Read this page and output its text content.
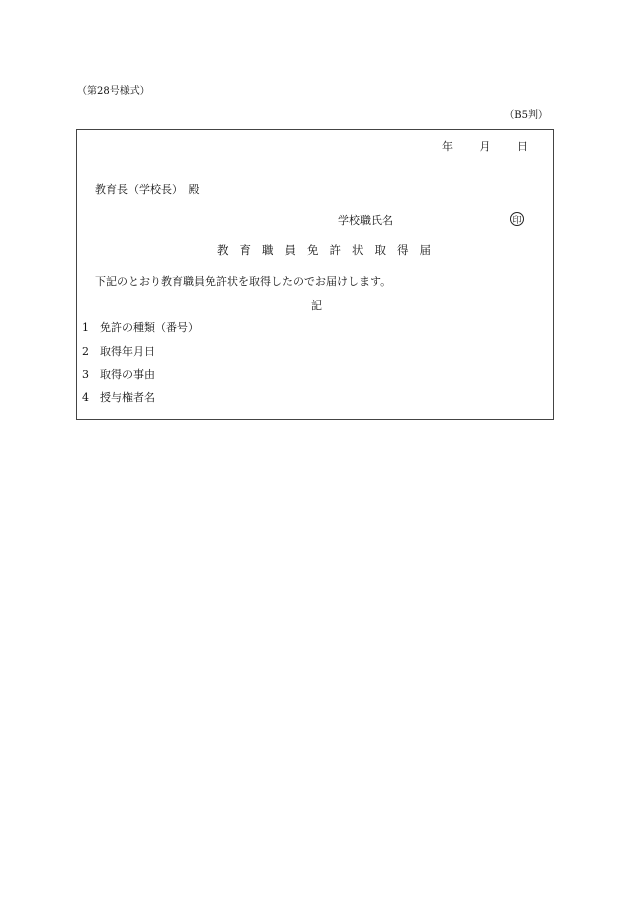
（第28号様式）
（B5判）
年 月 日
教育長（学校長）　殿
学校職氏名	印
教育職員免許状取得届
下記のとおり教育職員免許状を取得したのでお届けします。
記
1 免許の種類（番号）
2 取得年月日
3 取得の事由
4 授与権者名
